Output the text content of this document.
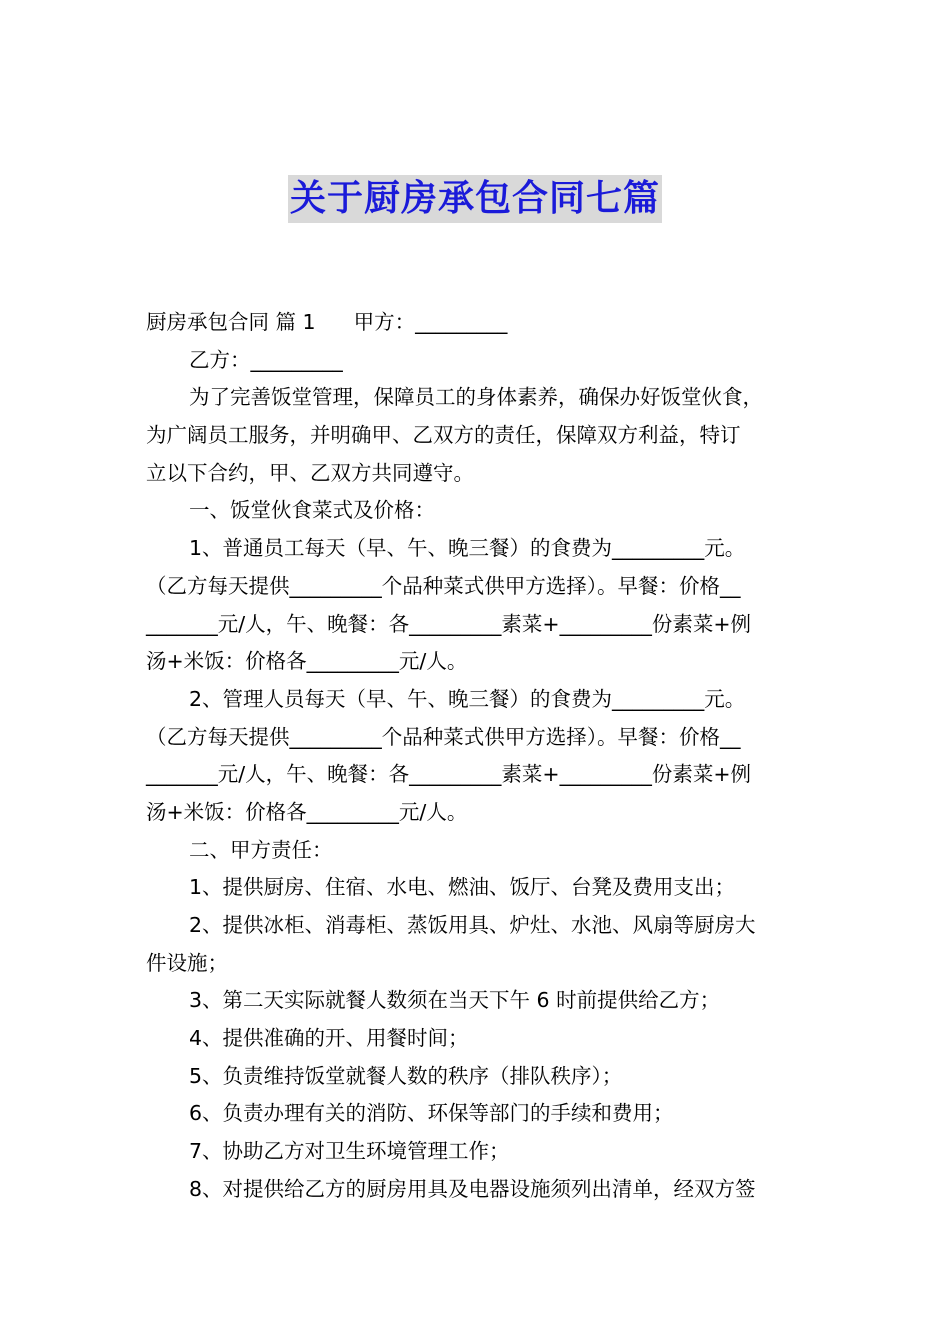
关于厨房承包合同七篇
厨房承包合同 篇 1 甲方：_________
乙方：_________
为了完善饭堂管理，保障员工的身体素养，确保办好饭堂伙食，
为广阔员工服务，并明确甲、乙双方的责任，保障双方利益，特订
立以下合约，甲、乙双方共同遵守。
一、饭堂伙食菜式及价格：
1、普通员工每天（早、午、晚三餐）的食费为_________元。
（乙方每天提供_________个品种菜式供甲方选择）。早餐：价格__
_______元/人，午、晚餐：各_________素菜+_________份素菜+例
汤+米饭：价格各_________元/人。
2、管理人员每天（早、午、晚三餐）的食费为_________元。
（乙方每天提供_________个品种菜式供甲方选择）。早餐：价格__
_______元/人，午、晚餐：各_________素菜+_________份素菜+例
汤+米饭：价格各_________元/人。
二、甲方责任：
1、提供厨房、住宿、水电、燃油、饭厅、台凳及费用支出；
2、提供冰柜、消毒柜、蒸饭用具、炉灶、水池、风扇等厨房大
件设施；
3、第二天实际就餐人数须在当天下午 6 时前提供给乙方；
4、提供准确的开、用餐时间；
5、负责维持饭堂就餐人数的秩序（排队秩序）；
6、负责办理有关的消防、环保等部门的手续和费用；
7、协助乙方对卫生环境管理工作；
8、对提供给乙方的厨房用具及电器设施须列出清单，经双方签
